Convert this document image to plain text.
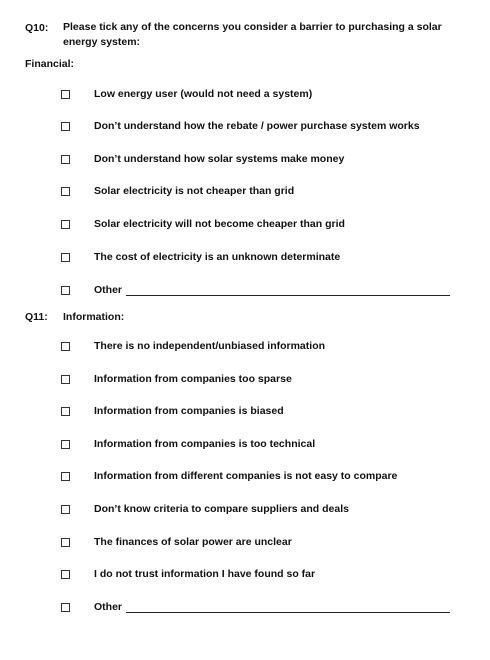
Q10: Please tick any of the concerns you consider a barrier to purchasing a solar
energy system:
Financial:
Low energy user (would not need a system)
Don’t understand how the rebate / power purchase system works
Don’t understand how solar systems make money
Solar electricity is not cheaper than grid
Solar electricity will not become cheaper than grid
The cost of electricity is an unknown determinate
Other
Q11: Information:
There is no independent/unbiased information
Information from companies too sparse
Information from companies is biased
Information from companies is too technical
Information from different companies is not easy to compare
Don’t know criteria to compare suppliers and deals
The finances of solar power are unclear
I do not trust information I have found so far
Other
